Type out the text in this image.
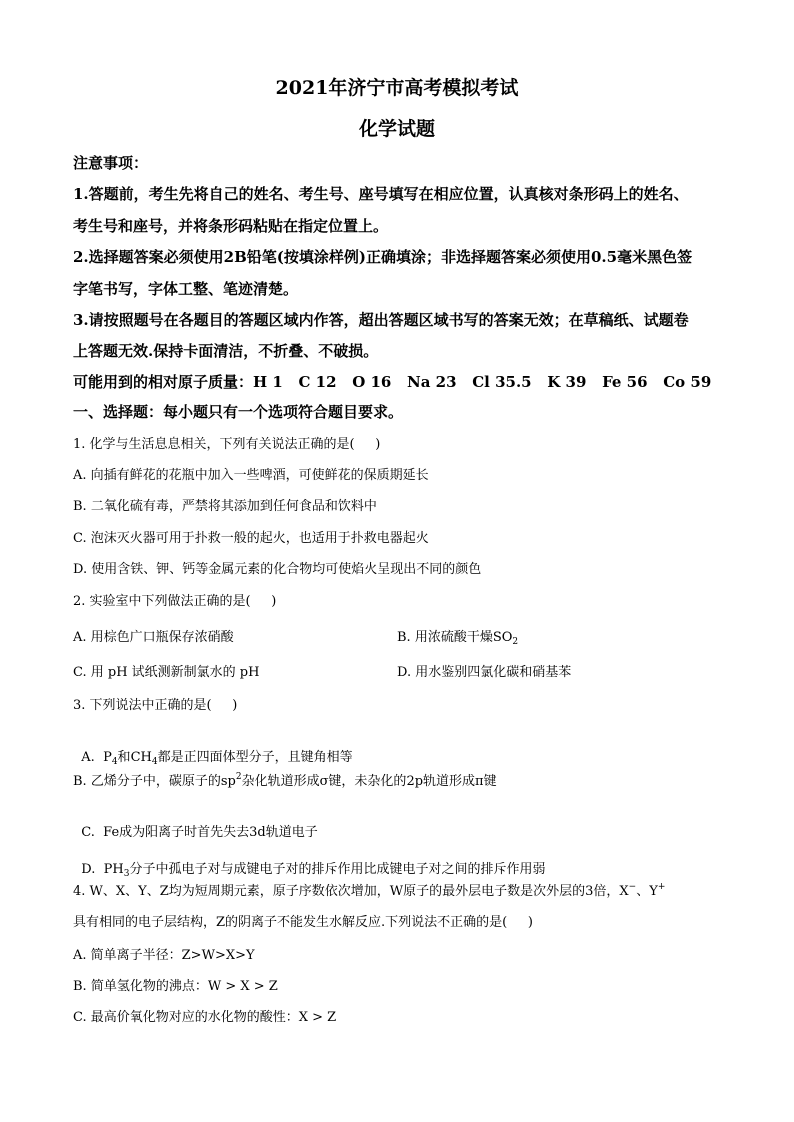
2021年济宁市高考模拟考试
化学试题
注意事项：
1.答题前，考生先将自己的姓名、考生号、座号填写在相应位置，认真核对条形码上的姓名、
考生号和座号，并将条形码粘贴在指定位置上。
2.选择题答案必须使用2B铅笔(按填涂样例)正确填涂；非选择题答案必须使用0.5毫米黑色签
字笔书写，字体工整、笔迹清楚。
3.请按照题号在各题目的答题区域内作答，超出答题区域书写的答案无效；在草稿纸、试题卷
上答题无效.保持卡面清洁，不折叠、不破损。
可能用到的相对原子质量：H 1   C 12   O 16   Na 23   Cl 35.5   K 39   Fe 56   Co 59
一、选择题：每小题只有一个选项符合题目要求。
1. 化学与生活息息相关，下列有关说法正确的是(     )
A. 向插有鲜花的花瓶中加入一些啤酒，可使鲜花的保质期延长
B. 二氧化硫有毒，严禁将其添加到任何食品和饮料中
C. 泡沫灭火器可用于扑救一般的起火，也适用于扑救电器起火
D. 使用含铁、钾、钙等金属元素的化合物均可使焰火呈现出不同的颜色
2. 实验室中下列做法正确的是(     )
A. 用棕色广口瓶保存浓硝酸	B. 用浓硫酸干燥$SO_2$
C. 用 pH 试纸测新制氯水的 pH	D. 用水鉴别四氯化碳和硝基苯
3. 下列说法中正确的是(     )

A.  $P_4$和$CH_4$都是正四面体型分子，且键角相等

B. 乙烯分子中，碳原子的$sp^2$杂化轨道形成σ键，未杂化的2p轨道形成π键

C.  Fe成为阳离子时首先失去3d轨道电子

D.  $PH_3$分子中孤电子对与成键电子对的排斥作用比成键电子对之间的排斥作用弱

4. W、X、Y、Z均为短周期元素，原子序数依次增加，W原子的最外层电子数是次外层的3倍，X−、Y+
具有相同的电子层结构，Z的阴离子不能发生水解反应.下列说法不正确的是(     )
A. 简单离子半径：Z>W>X>Y
B. 简单氢化物的沸点：W > X > Z
C. 最高价氧化物对应的水化物的酸性：X > Z
